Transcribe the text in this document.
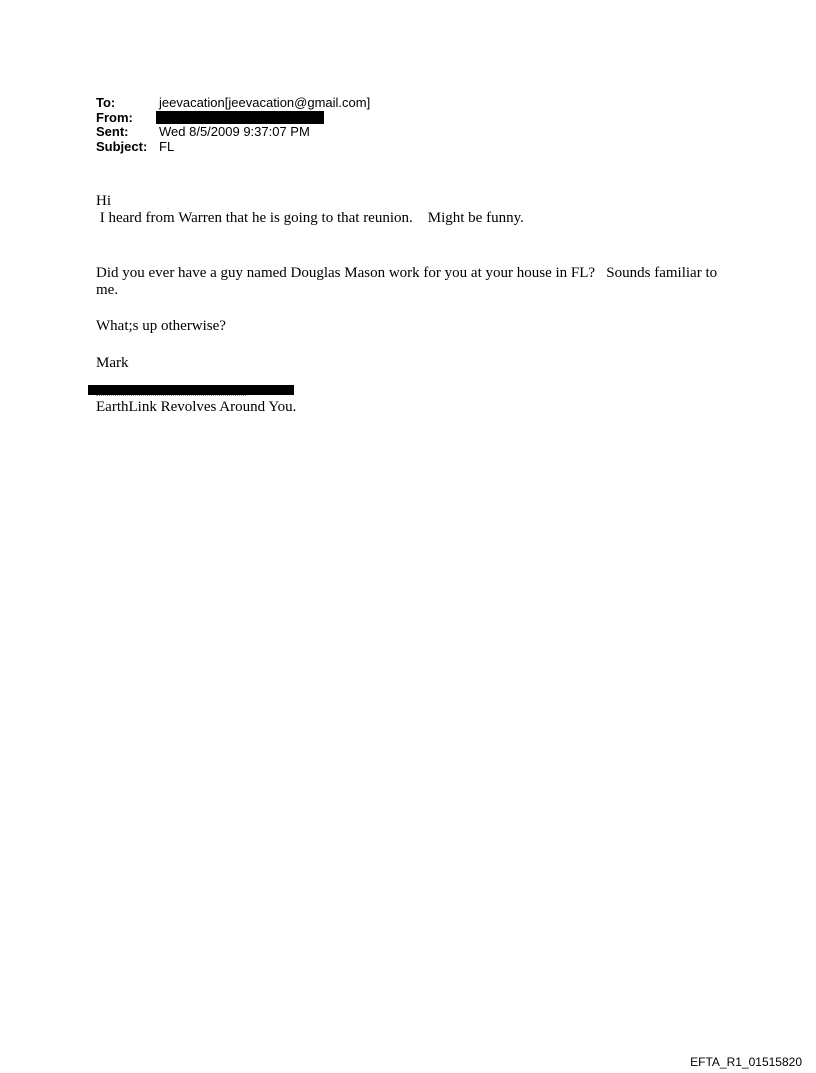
To:	jeevacation[jeevacation@gmail.com]
From:
Sent:	Wed 8/5/2009 9:37:07 PM
Subject: FL

Hi

I heard from Warren that he is going to that reunion.    Might be funny.

Did you ever have a guy named Douglas Mason work for you at your house in FL?   Sounds familiar to me.

What;s up otherwise?

Mark

EarthLink Revolves Around You.

EFTA_R1_01515820
